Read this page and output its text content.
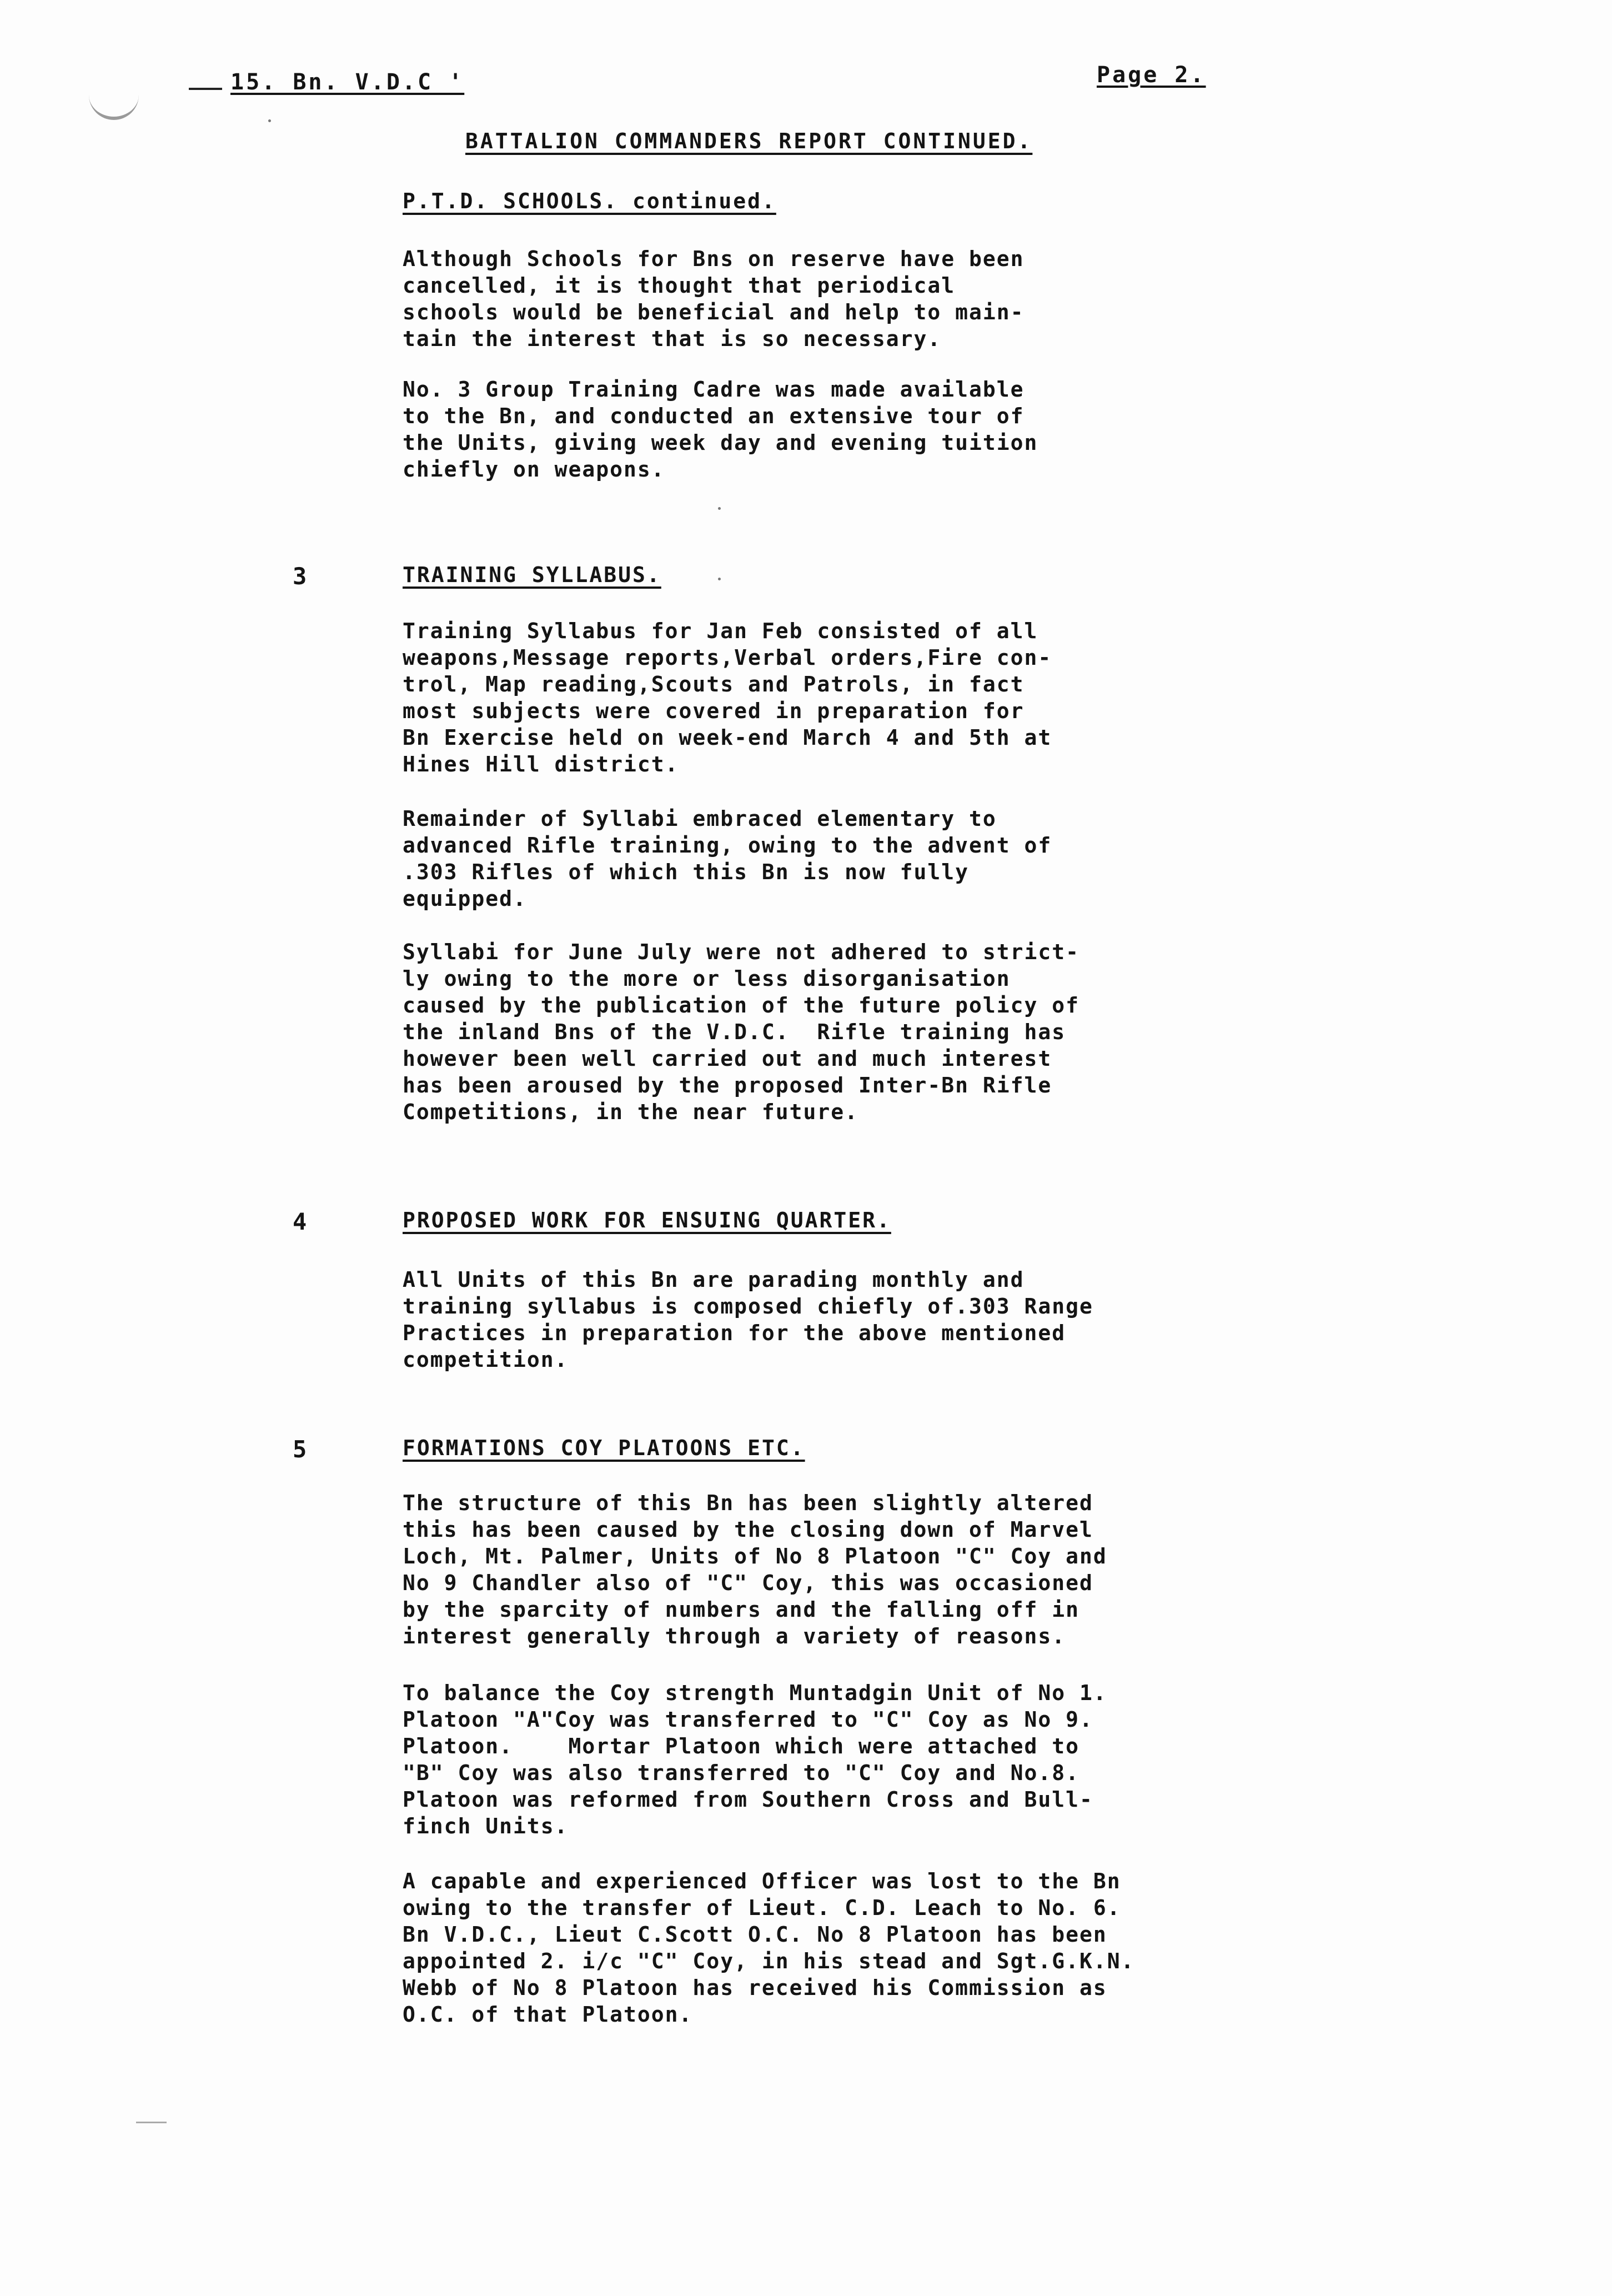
15. Bn. V.D.C '	Page 2.
BATTALION COMMANDERS REPORT CONTINUED.
P.T.D. SCHOOLS. continued.
Although Schools for Bns on reserve have been
cancelled, it is thought that periodical
schools would be beneficial and help to main-
tain the interest that is so necessary.
No. 3 Group Training Cadre was made available
to the Bn, and conducted an extensive tour of
the Units, giving week day and evening tuition
chiefly on weapons.
3	TRAINING SYLLABUS.
Training Syllabus for Jan Feb consisted of all
weapons,Message reports,Verbal orders,Fire con-
trol, Map reading,Scouts and Patrols, in fact
most subjects were covered in preparation for
Bn Exercise held on week-end March 4 and 5th at
Hines Hill district.
Remainder of Syllabi embraced elementary to
advanced Rifle training, owing to the advent of
.303 Rifles of which this Bn is now fully
equipped.
Syllabi for June July were not adhered to strict-
ly owing to the more or less disorganisation
caused by the publication of the future policy of
the inland Bns of the V.D.C.  Rifle training has
however been well carried out and much interest
has been aroused by the proposed Inter-Bn Rifle
Competitions, in the near future.
4	PROPOSED WORK FOR ENSUING QUARTER.
All Units of this Bn are parading monthly and
training syllabus is composed chiefly of.303 Range
Practices in preparation for the above mentioned
competition.
5	FORMATIONS COY PLATOONS ETC.
The structure of this Bn has been slightly altered
this has been caused by the closing down of Marvel
Loch, Mt. Palmer, Units of No 8 Platoon "C" Coy and
No 9 Chandler also of "C" Coy, this was occasioned
by the sparcity of numbers and the falling off in
interest generally through a variety of reasons.
To balance the Coy strength Muntadgin Unit of No 1.
Platoon "A"Coy was transferred to "C" Coy as No 9.
Platoon.    Mortar Platoon which were attached to
"B" Coy was also transferred to "C" Coy and No.8.
Platoon was reformed from Southern Cross and Bull-
finch Units.
A capable and experienced Officer was lost to the Bn
owing to the transfer of Lieut. C.D. Leach to No. 6.
Bn V.D.C., Lieut C.Scott O.C. No 8 Platoon has been
appointed 2. i/c "C" Coy, in his stead and Sgt.G.K.N.
Webb of No 8 Platoon has received his Commission as
O.C. of that Platoon.
